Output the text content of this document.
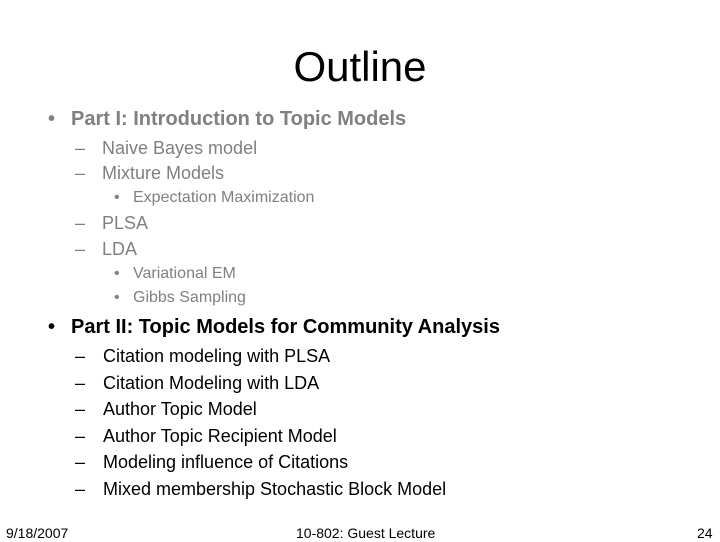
Outline
• Part I: Introduction to Topic Models
– Naive Bayes model
– Mixture Models
• Expectation Maximization
– PLSA
– LDA
• Variational EM
• Gibbs Sampling
• Part II: Topic Models for Community Analysis
– Citation modeling with PLSA
– Citation Modeling with LDA
– Author Topic Model
– Author Topic Recipient Model
– Modeling influence of Citations
– Mixed membership Stochastic Block Model
9/18/2007	10-802: Guest Lecture	24
